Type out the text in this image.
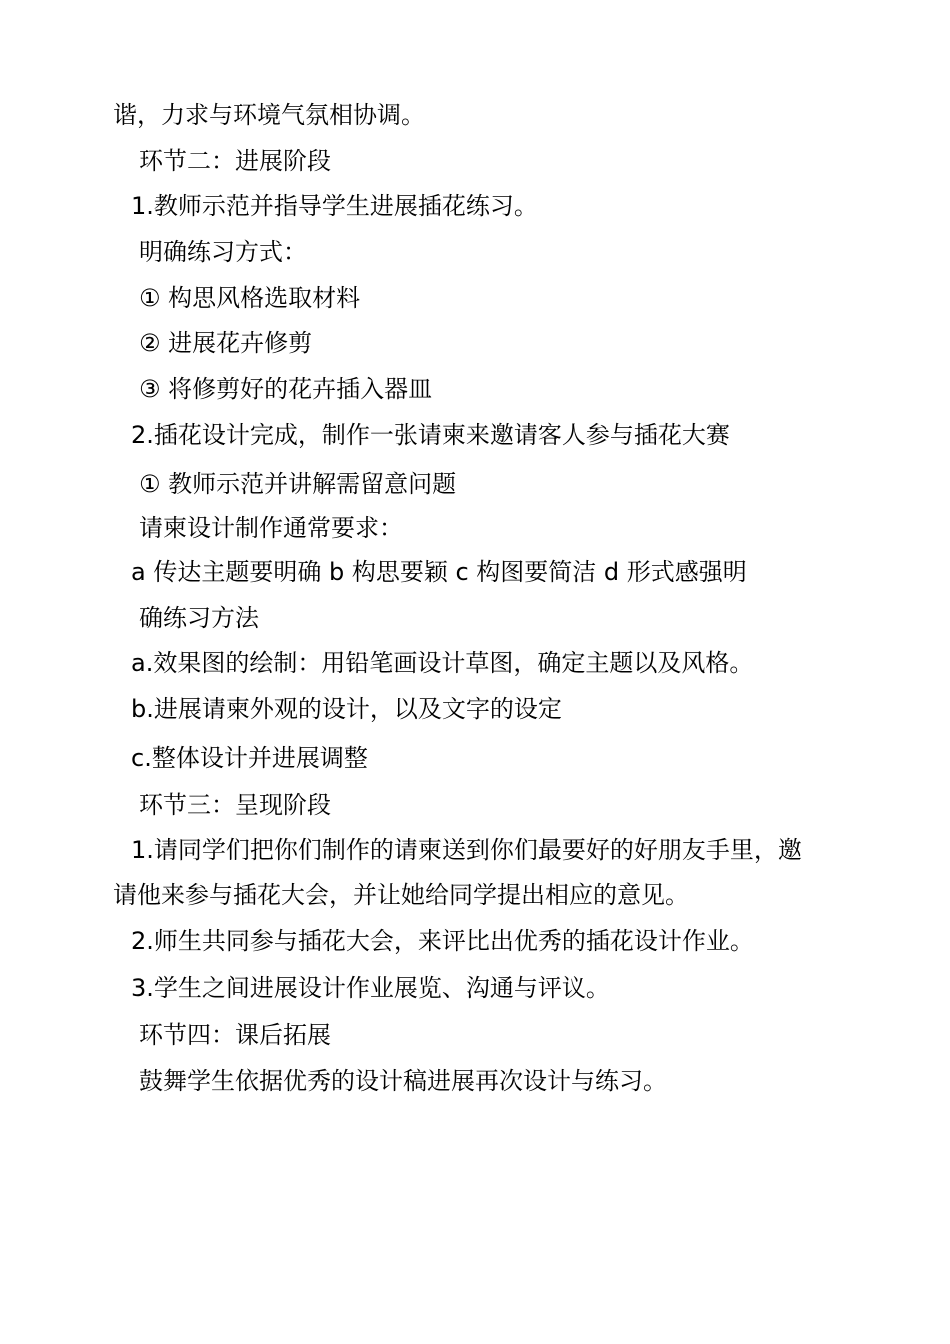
谐，力求与环境气氛相协调。
环节二：进展阶段
1.教师示范并指导学生进展插花练习。
明确练习方式：
① 构思风格选取材料
② 进展花卉修剪
③ 将修剪好的花卉插入器皿
2.插花设计完成，制作一张请柬来邀请客人参与插花大赛
① 教师示范并讲解需留意问题
请柬设计制作通常要求：
a 传达主题要明确 b 构思要颖 c 构图要简洁 d 形式感强明
确练习方法
a.效果图的绘制：用铅笔画设计草图，确定主题以及风格。
b.进展请柬外观的设计，以及文字的设定
c.整体设计并进展调整
环节三：呈现阶段
1.请同学们把你们制作的请柬送到你们最要好的好朋友手里，邀
请他来参与插花大会，并让她给同学提出相应的意见。
2.师生共同参与插花大会，来评比出优秀的插花设计作业。
3.学生之间进展设计作业展览、沟通与评议。
环节四：课后拓展
鼓舞学生依据优秀的设计稿进展再次设计与练习。
